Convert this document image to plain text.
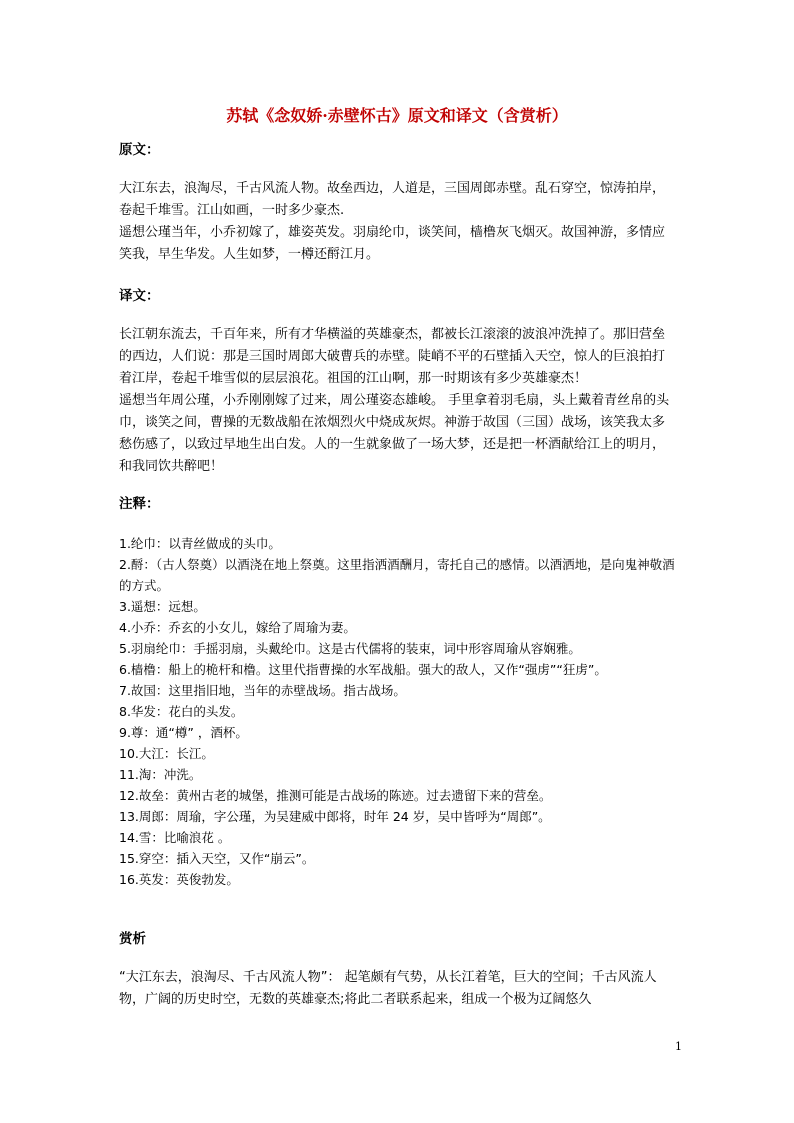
苏轼《念奴娇·赤壁怀古》原文和译文（含赏析）
原文：

大江东去，浪淘尽，千古风流人物。故垒西边，人道是，三国周郎赤壁。乱石穿空，惊涛拍岸，卷起千堆雪。江山如画，一时多少豪杰.

遥想公瑾当年，小乔初嫁了，雄姿英发。羽扇纶巾，谈笑间，樯橹灰飞烟灭。故国神游，多情应笑我，早生华发。人生如梦，一樽还酹江月。

译文：

长江朝东流去，千百年来，所有才华横溢的英雄豪杰，都被长江滚滚的波浪冲洗掉了。那旧营垒的西边，人们说：那是三国时周郎大破曹兵的赤壁。陡峭不平的石壁插入天空，惊人的巨浪拍打着江岸，卷起千堆雪似的层层浪花。祖国的江山啊，那一时期该有多少英雄豪杰！

遥想当年周公瑾，小乔刚刚嫁了过来，周公瑾姿态雄峻。 手里拿着羽毛扇，头上戴着青丝帛的头巾，谈笑之间，曹操的无数战船在浓烟烈火中烧成灰烬。神游于故国（三国）战场，该笑我太多愁伤感了，以致过早地生出白发。人的一生就象做了一场大梦，还是把一杯酒献给江上的明月，和我同饮共醉吧！

注释：
1.纶巾：以青丝做成的头巾。
2.酹：（古人祭奠）以酒浇在地上祭奠。这里指洒酒酬月，寄托自己的感情。以酒洒地，是向鬼神敬酒的方式。
3.遥想：远想。
4.小乔：乔玄的小女儿，嫁给了周瑜为妻。
5.羽扇纶巾：手摇羽扇，头戴纶巾。这是古代儒将的装束，词中形容周瑜从容娴雅。
6.樯橹：船上的桅杆和橹。这里代指曹操的水军战船。强大的敌人，又作“强虏”“狂虏”。
7.故国：这里指旧地，当年的赤壁战场。指古战场。
8.华发：花白的头发。
9.尊：通“樽” ，酒杯。
10.大江：长江。
11.淘：冲洗。
12.故垒：黄州古老的城堡，推测可能是古战场的陈迹。过去遗留下来的营垒。
13.周郎：周瑜，字公瑾，为吴建威中郎将，时年 24 岁，吴中皆呼为“周郎”。
14.雪：比喻浪花 。
15.穿空：插入天空，又作“崩云”。
16.英发：英俊勃发。
赏析

“大江东去，浪淘尽、千古风流人物”： 起笔颇有气势，从长江着笔，巨大的空间；千古风流人物，广阔的历史时空，无数的英雄豪杰;将此二者联系起来，组成一个极为辽阔悠久

1
